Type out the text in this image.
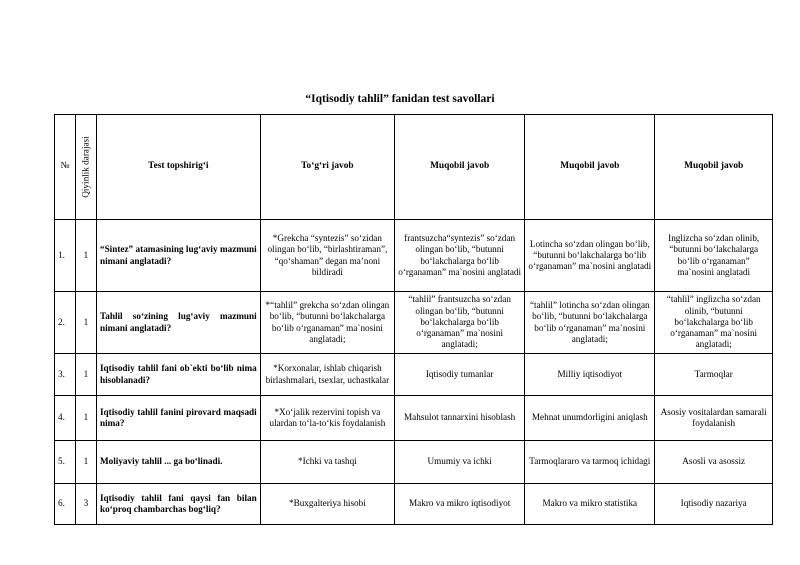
“Iqtisodiy tahlil” fanidan test savollari
№	Qiyinlik darajasi	Test topshirig‘i	To‘g‘ri javob	Muqobil javob	Muqobil javob	Muqobil javob
1.	1	“Sintez” atamasining lug‘aviy mazmuni nimani anglatadi?	*Grekcha “syntezis” so‘zidan olingan bo‘lib, “birlashtiraman”, “qo‘shaman” degan ma’noni bildiradi	frantsuzcha“syntezis” so‘zdan olingan bo‘lib, “butunni bo‘lakchalarga bo‘lib o‘rganaman” ma`nosini anglatadi	Lotincha so‘zdan olingan bo‘lib, “butunni bo‘lakchalarga bo‘lib o‘rganaman” ma`nosini anglatadi	Inglizcha so‘zdan olinib, “butunni bo‘lakchalarga bo‘lib o‘rganaman” ma`nosini anglatadi
2.	1	Tahlil so‘zining lug‘aviy mazmuni nimani anglatadi?	*“tahlil” grekcha so‘zdan olingan bo‘lib, “butunni bo‘lakchalarga bo‘lib o‘rganaman” ma`nosini anglatadi;	“tahlil” frantsuzcha so‘zdan olingan bo‘lib, “butunni bo‘lakchalarga bo‘lib o‘rganaman” ma`nosini anglatadi;	“tahlil” lotincha so‘zdan olingan bo‘lib, “butunni bo‘lakchalarga bo‘lib o‘rganaman” ma`nosini anglatadi;	“tahlil” inglizcha so‘zdan olinib, “butunni bo‘lakchalarga bo‘lib o‘rganaman” ma`nosini anglatadi;
3.	1	Iqtisodiy tahlil fani ob`ekti bo‘lib nima hisoblanadi?	*Korxonalar, ishlab chiqarish birlashmalari, tsexlar, uchastkalar	Iqtisodiy tumanlar	Milliy iqtisodiyot	Tarmoqlar
4.	1	Iqtisodiy tahlil fanini pirovard maqsadi nima?	*Xo‘jalik rezervini topish va ulardan to‘la-to‘kis foydalanish	Mahsulot tannarxini hisoblash	Mehnat unumdorligini aniqlash	Asosiy vositalardan samarali foydalanish
5.	1	Moliyaviy tahlil ... ga bo‘linadi.	*Ichki va tashqi	Umumiy va ichki	Tarmoqlararo va tarmoq ichidagi	Asosli va asossiz
6.	3	Iqtisodiy tahlil fani qaysi fan bilan ko‘proq chambarchas bog‘liq?	*Buxgalteriya hisobi	Makro va mikro iqtisodiyot	Makro va mikro statistika	Iqtisodiy nazariya
